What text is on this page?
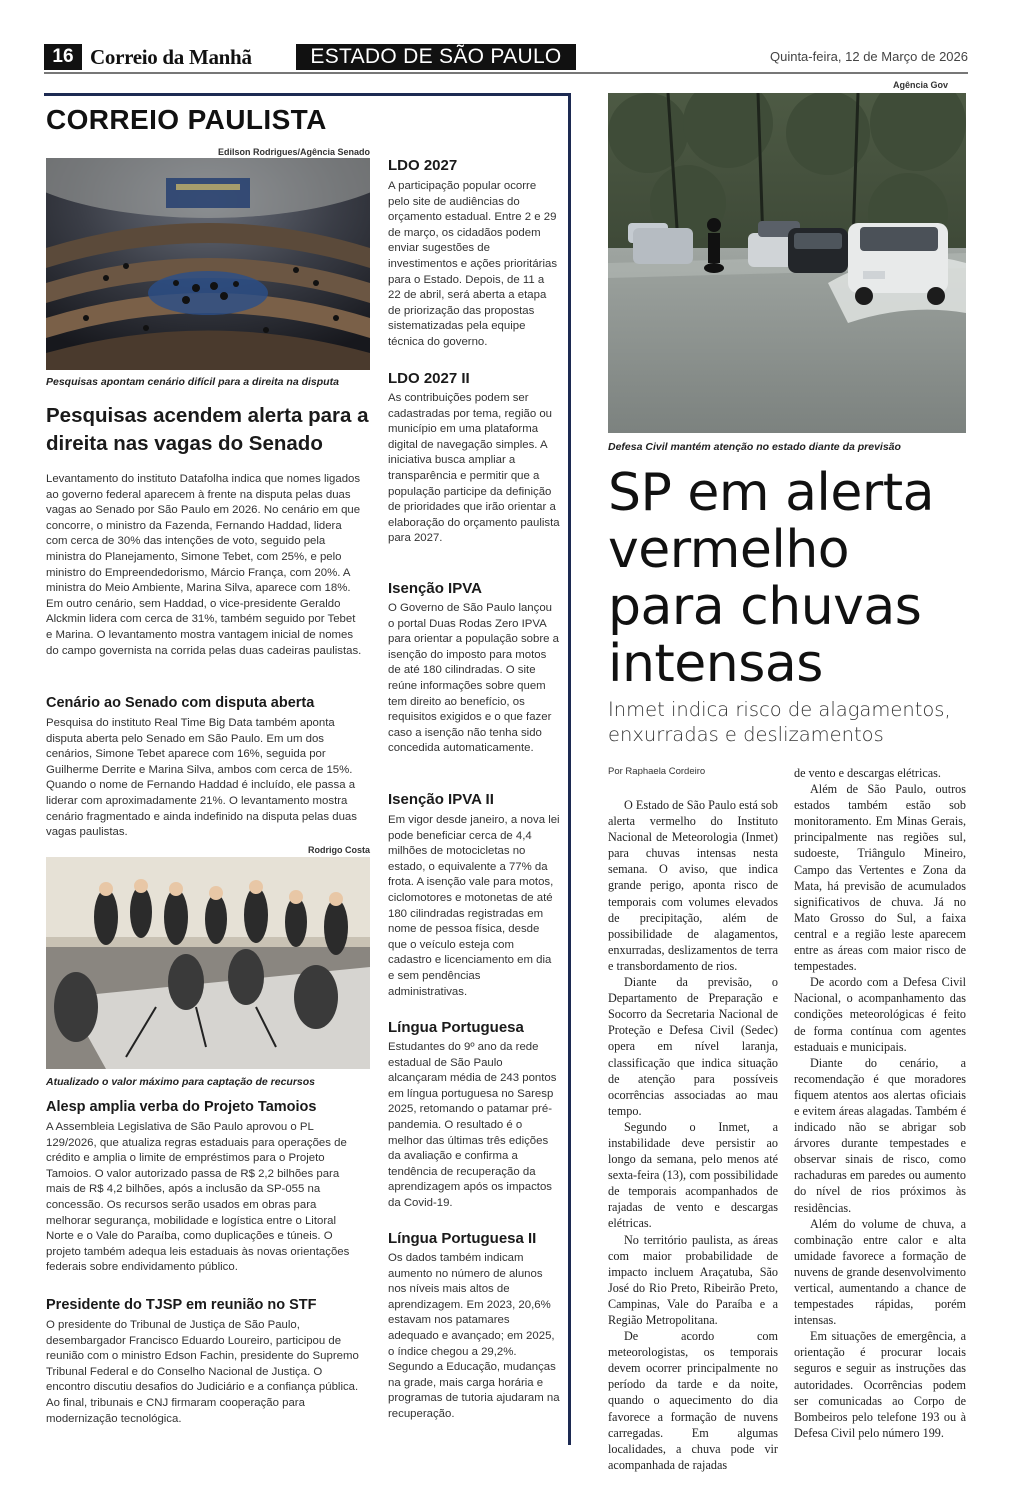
16 Correio da Manhã	ESTADO DE SÃO PAULO	Quinta-feira, 12 de Março de 2026
CORREIO PAULISTA
Edilson Rodrigues/Agência Senado
Pesquisas apontam cenário difícil para a direita na disputa
Pesquisas acendem alerta para a direita nas vagas do Senado
Levantamento do instituto Datafolha indica que nomes ligados ao governo federal aparecem à frente na disputa pelas duas vagas ao Senado por São Paulo em 2026. No cenário em que concorre, o ministro da Fazenda, Fernando Haddad, lidera com cerca de 30% das intenções de voto, seguido pela ministra do Planejamento, Simone Tebet, com 25%, e pelo ministro do Empreendedorismo, Márcio França, com 20%. A ministra do Meio Ambiente, Marina Silva, aparece com 18%. Em outro cenário, sem Haddad, o vice-presidente Geraldo Alckmin lidera com cerca de 31%, também seguido por Tebet e Marina. O levantamento mostra vantagem inicial de nomes do campo governista na corrida pelas duas cadeiras paulistas.
Cenário ao Senado com disputa aberta
Pesquisa do instituto Real Time Big Data também aponta disputa aberta pelo Senado em São Paulo. Em um dos cenários, Simone Tebet aparece com 16%, seguida por Guilherme Derrite e Marina Silva, ambos com cerca de 15%. Quando o nome de Fernando Haddad é incluído, ele passa a liderar com aproximadamente 21%. O levantamento mostra cenário fragmentado e ainda indefinido na disputa pelas duas vagas paulistas.
Rodrigo Costa
Atualizado o valor máximo para captação de recursos
Alesp amplia verba do Projeto Tamoios
A Assembleia Legislativa de São Paulo aprovou o PL 129/2026, que atualiza regras estaduais para operações de crédito e amplia o limite de empréstimos para o Projeto Tamoios. O valor autorizado passa de R$ 2,2 bilhões para mais de R$ 4,2 bilhões, após a inclusão da SP-055 na concessão. Os recursos serão usados em obras para melhorar segurança, mobilidade e logística entre o Litoral Norte e o Vale do Paraíba, como duplicações e túneis. O projeto também adequa leis estaduais às novas orientações federais sobre endividamento público.
Presidente do TJSP em reunião no STF
O presidente do Tribunal de Justiça de São Paulo, desembargador Francisco Eduardo Loureiro, participou de reunião com o ministro Edson Fachin, presidente do Supremo Tribunal Federal e do Conselho Nacional de Justiça. O encontro discutiu desafios do Judiciário e a confiança pública. Ao final, tribunais e CNJ firmaram cooperação para modernização tecnológica.
LDO 2027
A participação popular ocorre pelo site de audiências do orçamento estadual. Entre 2 e 29 de março, os cidadãos podem enviar sugestões de investimentos e ações prioritárias para o Estado. Depois, de 11 a 22 de abril, será aberta a etapa de priorização das propostas sistematizadas pela equipe técnica do governo.
LDO 2027 II
As contribuições podem ser cadastradas por tema, região ou município em uma plataforma digital de navegação simples. A iniciativa busca ampliar a transparência e permitir que a população participe da definição de prioridades que irão orientar a elaboração do orçamento paulista para 2027.
Isenção IPVA
O Governo de São Paulo lançou o portal Duas Rodas Zero IPVA para orientar a população sobre a isenção do imposto para motos de até 180 cilindradas. O site reúne informações sobre quem tem direito ao benefício, os requisitos exigidos e o que fazer caso a isenção não tenha sido concedida automaticamente.
Isenção IPVA II
Em vigor desde janeiro, a nova lei pode beneficiar cerca de 4,4 milhões de motocicletas no estado, o equivalente a 77% da frota. A isenção vale para motos, ciclomotores e motonetas de até 180 cilindradas registradas em nome de pessoa física, desde que o veículo esteja com cadastro e licenciamento em dia e sem pendências administrativas.
Língua Portuguesa
Estudantes do 9º ano da rede estadual de São Paulo alcançaram média de 243 pontos em língua portuguesa no Saresp 2025, retomando o patamar pré-pandemia. O resultado é o melhor das últimas três edições da avaliação e confirma a tendência de recuperação da aprendizagem após os impactos da Covid-19.
Língua Portuguesa II
Os dados também indicam aumento no número de alunos nos níveis mais altos de aprendizagem. Em 2023, 20,6% estavam nos patamares adequado e avançado; em 2025, o índice chegou a 29,2%. Segundo a Educação, mudanças na grade, mais carga horária e programas de tutoria ajudaram na recuperação.
Agência Gov
Defesa Civil mantém atenção no estado diante da previsão
SP em alerta vermelho para chuvas intensas
Inmet indica risco de alagamentos, enxurradas e deslizamentos
Por Raphaela Cordeiro

O Estado de São Paulo está sob alerta vermelho do Instituto Nacional de Meteorologia (Inmet) para chuvas intensas nesta semana. O aviso, que indica grande perigo, aponta risco de temporais com volumes elevados de precipitação, além de possibilidade de alagamentos, enxurradas, deslizamentos de terra e transbordamento de rios.

Diante da previsão, o Departamento de Preparação e Socorro da Secretaria Nacional de Proteção e Defesa Civil (Sedec) opera em nível laranja, classificação que indica situação de atenção para possíveis ocorrências associadas ao mau tempo.

Segundo o Inmet, a instabilidade deve persistir ao longo da semana, pelo menos até sexta-feira (13), com possibilidade de temporais acompanhados de rajadas de vento e descargas elétricas.

No território paulista, as áreas com maior probabilidade de impacto incluem Araçatuba, São José do Rio Preto, Ribeirão Preto, Campinas, Vale do Paraíba e a Região Metropolitana.

De acordo com meteorologistas, os temporais devem ocorrer principalmente no período da tarde e da noite, quando o aquecimento do dia favorece a formação de nuvens carregadas. Em algumas localidades, a chuva pode vir acompanhada de rajadas

de vento e descargas elétricas.

Além de São Paulo, outros estados também estão sob monitoramento. Em Minas Gerais, principalmente nas regiões sul, sudoeste, Triângulo Mineiro, Campo das Vertentes e Zona da Mata, há previsão de acumulados significativos de chuva. Já no Mato Grosso do Sul, a faixa central e a região leste aparecem entre as áreas com maior risco de tempestades.

De acordo com a Defesa Civil Nacional, o acompanhamento das condições meteorológicas é feito de forma contínua com agentes estaduais e municipais.

Diante do cenário, a recomendação é que moradores fiquem atentos aos alertas oficiais e evitem áreas alagadas. Também é indicado não se abrigar sob árvores durante tempestades e observar sinais de risco, como rachaduras em paredes ou aumento do nível de rios próximos às residências.

Além do volume de chuva, a combinação entre calor e alta umidade favorece a formação de nuvens de grande desenvolvimento vertical, aumentando a chance de tempestades rápidas, porém intensas.

Em situações de emergência, a orientação é procurar locais seguros e seguir as instruções das autoridades. Ocorrências podem ser comunicadas ao Corpo de Bombeiros pelo telefone 193 ou à Defesa Civil pelo número 199.
